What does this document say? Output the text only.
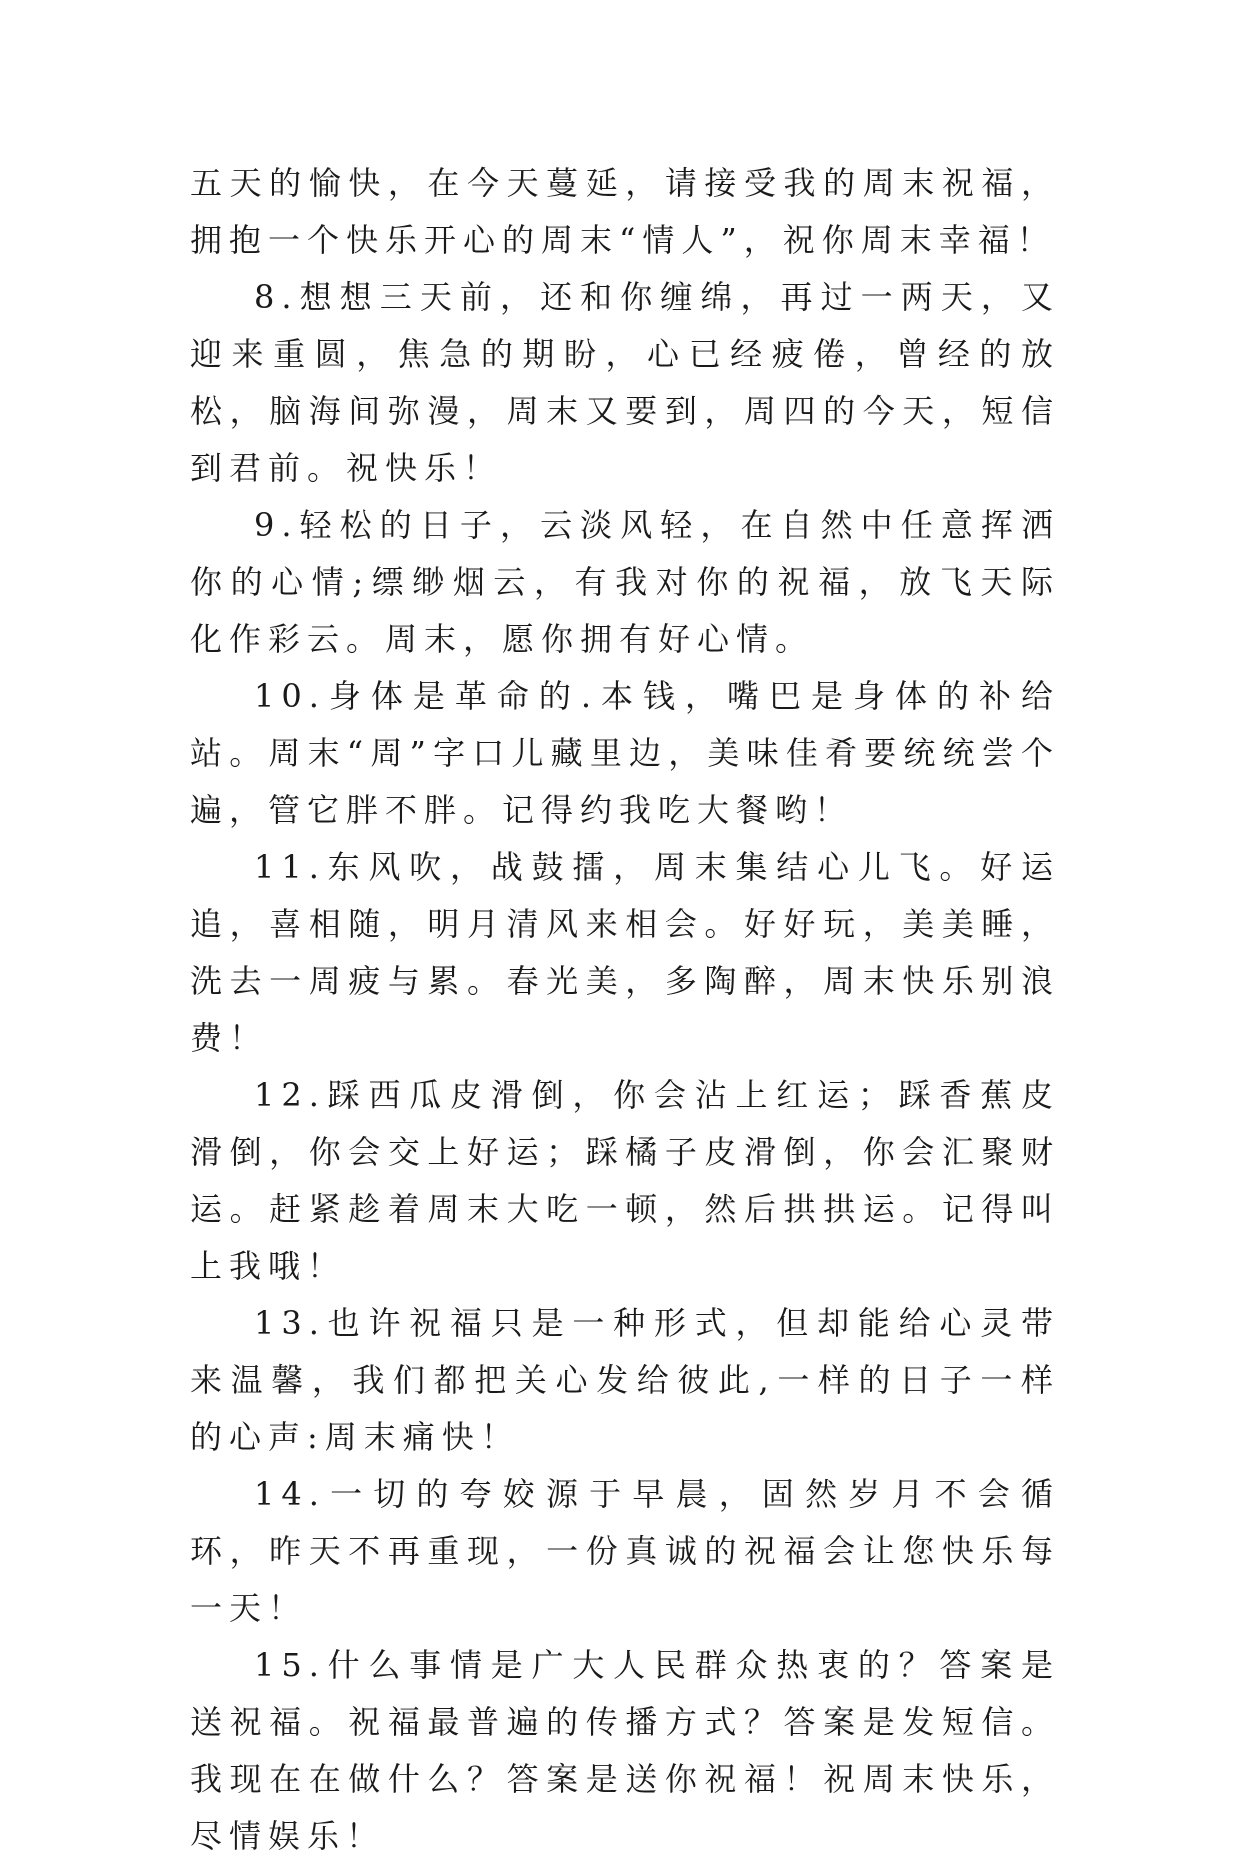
五天的愉快，在今天蔓延，请接受我的周末祝福，拥抱一个快乐开心的周末“情人”，祝你周末幸福！

8.想想三天前，还和你缠绵，再过一两天，又迎来重圆，焦急的期盼，心已经疲倦，曾经的放松，脑海间弥漫，周末又要到，周四的今天，短信到君前。祝快乐！

9.轻松的日子，云淡风轻，在自然中任意挥洒你的心情;缥缈烟云，有我对你的祝福，放飞天际化作彩云。周末，愿你拥有好心情。

10.身体是革命的.本钱，嘴巴是身体的补给站。周末“周”字口儿藏里边，美味佳肴要统统尝个遍，管它胖不胖。记得约我吃大餐哟！

11.东风吹，战鼓擂，周末集结心儿飞。好运追，喜相随，明月清风来相会。好好玩，美美睡，洗去一周疲与累。春光美，多陶醉，周末快乐别浪费！

12.踩西瓜皮滑倒，你会沾上红运；踩香蕉皮滑倒，你会交上好运；踩橘子皮滑倒，你会汇聚财运。赶紧趁着周末大吃一顿，然后拱拱运。记得叫上我哦！

13.也许祝福只是一种形式，但却能给心灵带来温馨，我们都把关心发给彼此,一样的日子一样的心声:周末痛快！

14.一切的夸姣源于早晨，固然岁月不会循环，昨天不再重现，一份真诚的祝福会让您快乐每一天！

15.什么事情是广大人民群众热衷的？答案是送祝福。祝福最普遍的传播方式？答案是发短信。我现在在做什么？答案是送你祝福！祝周末快乐，尽情娱乐！
